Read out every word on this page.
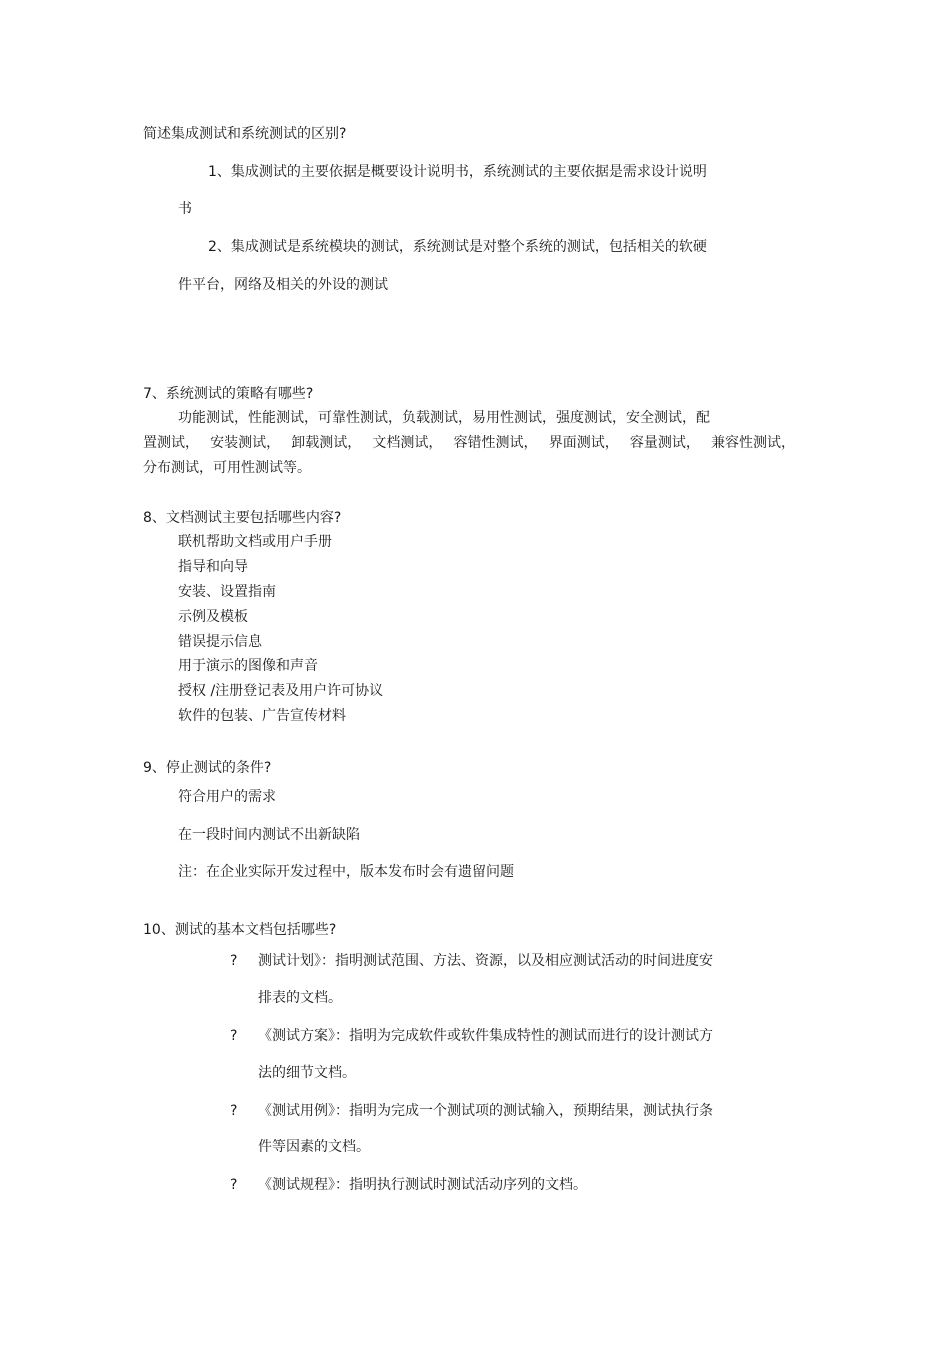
简述集成测试和系统测试的区别?
1、集成测试的主要依据是概要设计说明书，系统测试的主要依据是需求设计说明
书
2、集成测试是系统模块的测试，系统测试是对整个系统的测试，包括相关的软硬
件平台，网络及相关的外设的测试
7、系统测试的策略有哪些?
功能测试，性能测试，可靠性测试，负载测试，易用性测试，强度测试，安全测试，配
置测试， 安装测试， 卸载测试， 文档测试， 容错性测试， 界面测试， 容量测试， 兼容性测试，
分布测试，可用性测试等。
8、文档测试主要包括哪些内容?
联机帮助文档或用户手册
指导和向导
安装、设置指南
示例及模板
错误提示信息
用于演示的图像和声音
授权 /注册登记表及用户许可协议
软件的包装、广告宣传材料
9、停止测试的条件?
符合用户的需求
在一段时间内测试不出新缺陷
注：在企业实际开发过程中，版本发布时会有遗留问题
10、测试的基本文档包括哪些?
? 测试计划》：指明测试范围、方法、资源，以及相应测试活动的时间进度安
排表的文档。
? 《测试方案》：指明为完成软件或软件集成特性的测试而进行的设计测试方
法的细节文档。
? 《测试用例》：指明为完成一个测试项的测试输入，预期结果，测试执行条
件等因素的文档。
? 《测试规程》：指明执行测试时测试活动序列的文档。
